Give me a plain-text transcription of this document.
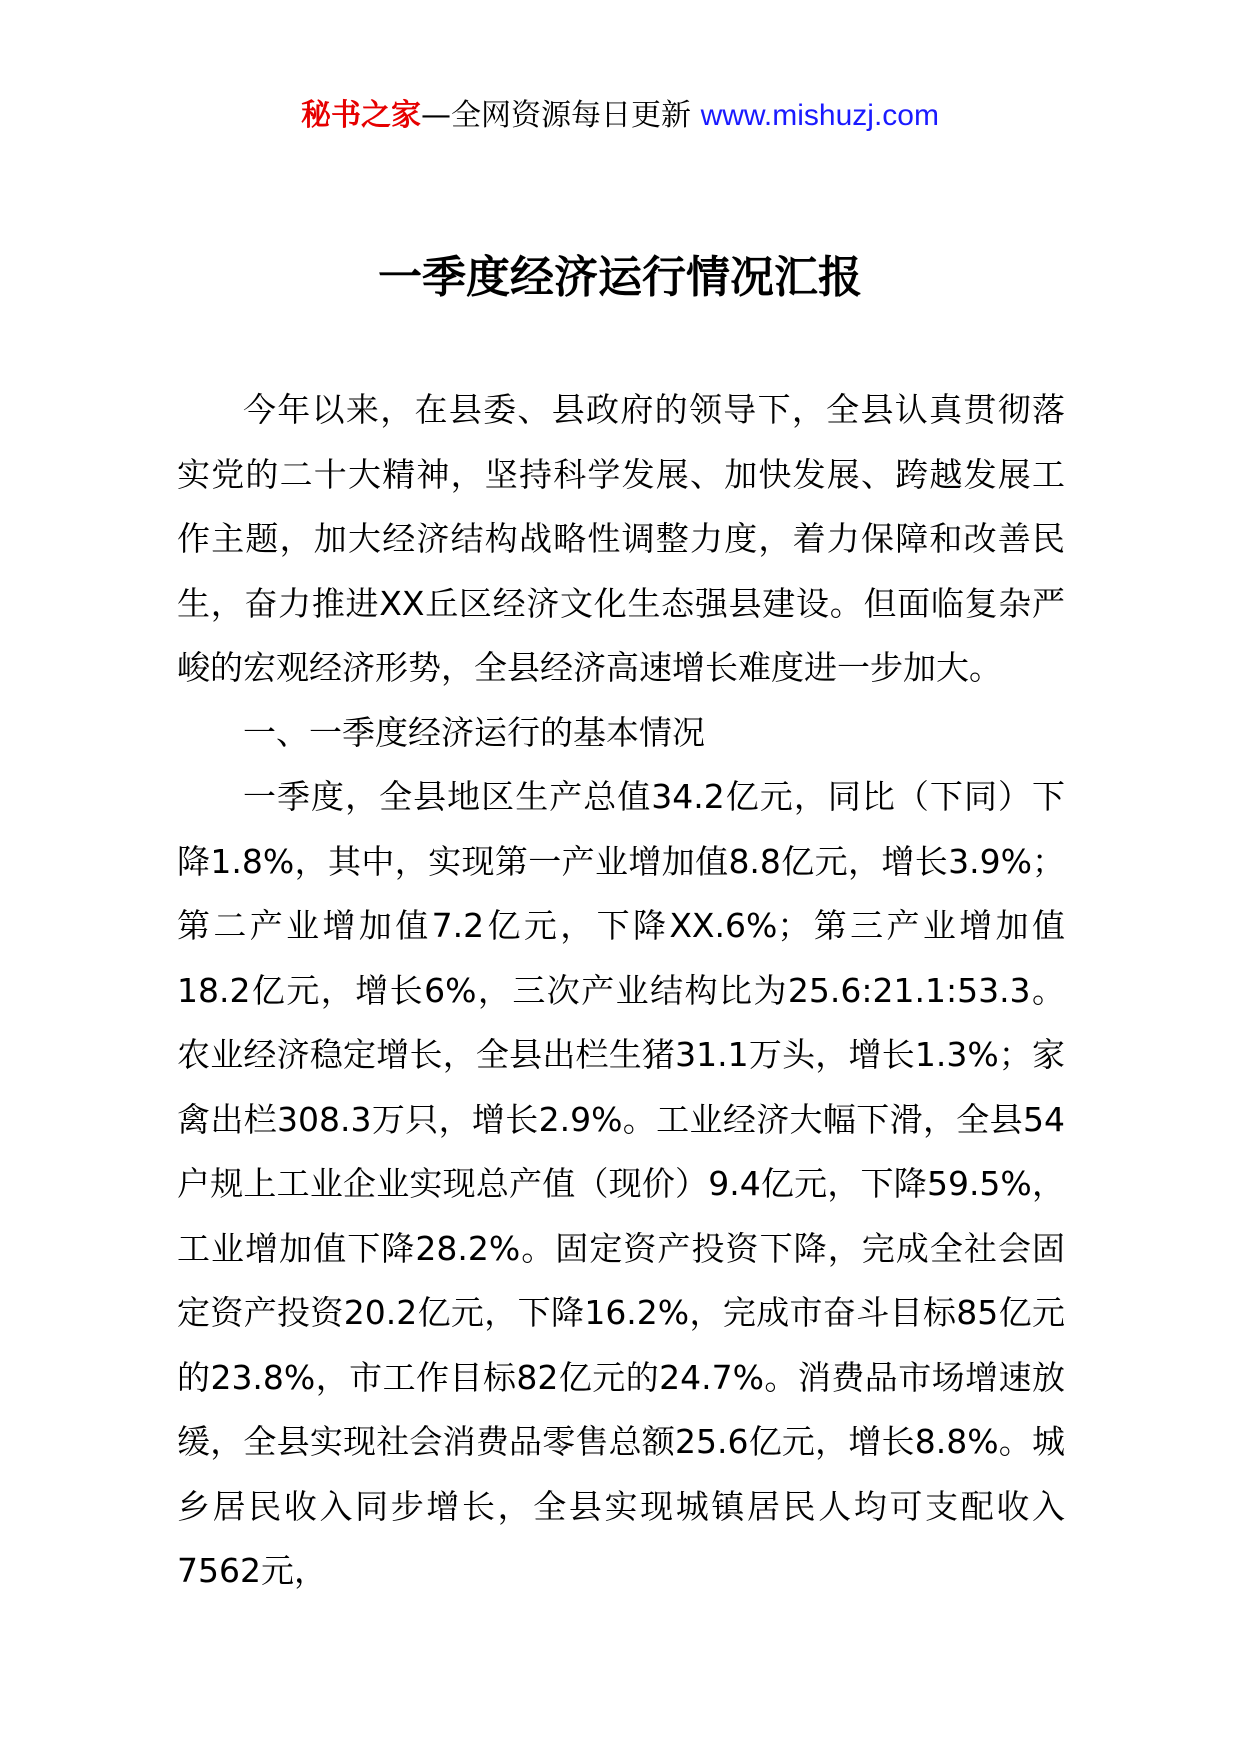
秘书之家—全网资源每日更新 www.mishuzj.com
一季度经济运行情况汇报

今年以来，在县委、县政府的领导下，全县认真贯彻落实党的二十大精神，坚持科学发展、加快发展、跨越发展工作主题，加大经济结构战略性调整力度，着力保障和改善民生，奋力推进XX丘区经济文化生态强县建设。但面临复杂严峻的宏观经济形势，全县经济高速增长难度进一步加大。

一、一季度经济运行的基本情况

一季度，全县地区生产总值34.2亿元，同比（下同）下降1.8%，其中，实现第一产业增加值8.8亿元，增长3.9%；第二产业增加值7.2亿元，下降XX.6%；第三产业增加值18.2亿元，增长6%，三次产业结构比为25.6:21.1:53.3。农业经济稳定增长，全县出栏生猪31.1万头，增长1.3%；家禽出栏308.3万只，增长2.9%。工业经济大幅下滑，全县54户规上工业企业实现总产值（现价）9.4亿元，下降59.5%，工业增加值下降28.2%。固定资产投资下降，完成全社会固定资产投资20.2亿元，下降16.2%，完成市奋斗目标85亿元的23.8%，市工作目标82亿元的24.7%。消费品市场增速放缓，全县实现社会消费品零售总额25.6亿元，增长8.8%。城乡居民收入同步增长，全县实现城镇居民人均可支配收入7562元，
